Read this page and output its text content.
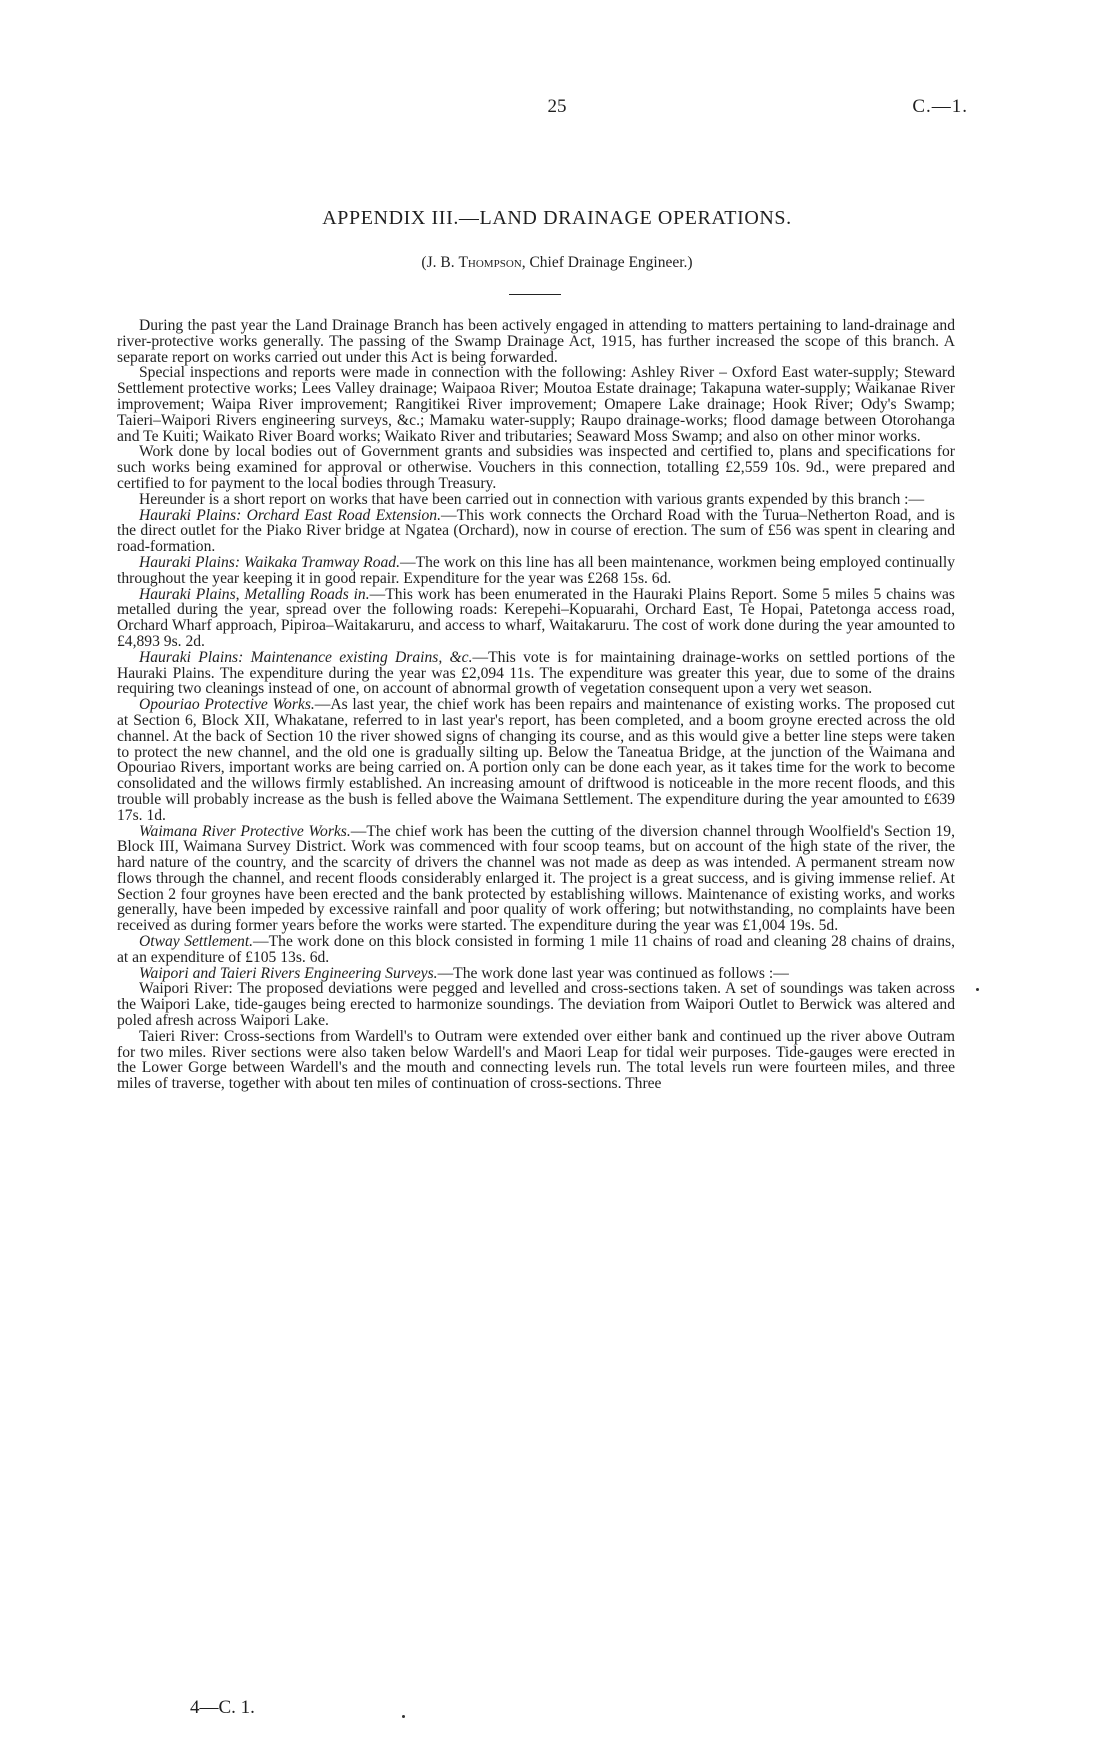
25	C.—1.
APPENDIX III.—LAND DRAINAGE OPERATIONS.
(J. B. Thompson, Chief Drainage Engineer.)

During the past year the Land Drainage Branch has been actively engaged in attending to matters pertaining to land-drainage and river-protective works generally. The passing of the Swamp Drainage Act, 1915, has further increased the scope of this branch. A separate report on works carried out under this Act is being forwarded.

Special inspections and reports were made in connection with the following: Ashley River – Oxford East water-supply; Steward Settlement protective works; Lees Valley drainage; Waipaoa River; Moutoa Estate drainage; Takapuna water-supply; Waikanae River improvement; Waipa River improvement; Rangitikei River improvement; Omapere Lake drainage; Hook River; Ody's Swamp; Taieri–Waipori Rivers engineering surveys, &c.; Mamaku water-supply; Raupo drainage-works; flood damage between Otorohanga and Te Kuiti; Waikato River Board works; Waikato River and tributaries; Seaward Moss Swamp; and also on other minor works.

Work done by local bodies out of Government grants and subsidies was inspected and certified to, plans and specifications for such works being examined for approval or otherwise. Vouchers in this connection, totalling £2,559 10s. 9d., were prepared and certified to for payment to the local bodies through Treasury.

Hereunder is a short report on works that have been carried out in connection with various grants expended by this branch :—

Hauraki Plains: Orchard East Road Extension.—This work connects the Orchard Road with the Turua–Netherton Road, and is the direct outlet for the Piako River bridge at Ngatea (Orchard), now in course of erection. The sum of £56 was spent in clearing and road-formation.

Hauraki Plains: Waikaka Tramway Road.—The work on this line has all been maintenance, workmen being employed continually throughout the year keeping it in good repair. Expenditure for the year was £268 15s. 6d.

Hauraki Plains, Metalling Roads in.—This work has been enumerated in the Hauraki Plains Report. Some 5 miles 5 chains was metalled during the year, spread over the following roads: Kerepehi–Kopuarahi, Orchard East, Te Hopai, Patetonga access road, Orchard Wharf approach, Pipiroa–Waitakaruru, and access to wharf, Waitakaruru. The cost of work done during the year amounted to £4,893 9s. 2d.

Hauraki Plains: Maintenance existing Drains, &c.—This vote is for maintaining drainage-works on settled portions of the Hauraki Plains. The expenditure during the year was £2,094 11s. The expenditure was greater this year, due to some of the drains requiring two cleanings instead of one, on account of abnormal growth of vegetation consequent upon a very wet season.

Opouriao Protective Works.—As last year, the chief work has been repairs and maintenance of existing works. The proposed cut at Section 6, Block XII, Whakatane, referred to in last year's report, has been completed, and a boom groyne erected across the old channel. At the back of Section 10 the river showed signs of changing its course, and as this would give a better line steps were taken to protect the new channel, and the old one is gradually silting up. Below the Taneatua Bridge, at the junction of the Waimana and Opouriao Rivers, important works are being carried on. A portion only can be done each year, as it takes time for the work to become consolidated and the willows firmly established. An increasing amount of driftwood is noticeable in the more recent floods, and this trouble will probably increase as the bush is felled above the Waimana Settlement. The expenditure during the year amounted to £639 17s. 1d.

Waimana River Protective Works.—The chief work has been the cutting of the diversion channel through Woolfield's Section 19, Block III, Waimana Survey District. Work was commenced with four scoop teams, but on account of the high state of the river, the hard nature of the country, and the scarcity of drivers the channel was not made as deep as was intended. A permanent stream now flows through the channel, and recent floods considerably enlarged it. The project is a great success, and is giving immense relief. At Section 2 four groynes have been erected and the bank protected by establishing willows. Maintenance of existing works, and works generally, have been impeded by excessive rainfall and poor quality of work offering; but notwithstanding, no complaints have been received as during former years before the works were started. The expenditure during the year was £1,004 19s. 5d.

Otway Settlement.—The work done on this block consisted in forming 1 mile 11 chains of road and cleaning 28 chains of drains, at an expenditure of £105 13s. 6d.

Waipori and Taieri Rivers Engineering Surveys.—The work done last year was continued as follows :—

Waipori River: The proposed deviations were pegged and levelled and cross-sections taken. A set of soundings was taken across the Waipori Lake, tide-gauges being erected to harmonize soundings. The deviation from Waipori Outlet to Berwick was altered and poled afresh across Waipori Lake.

Taieri River: Cross-sections from Wardell's to Outram were extended over either bank and continued up the river above Outram for two miles. River sections were also taken below Wardell's and Maori Leap for tidal weir purposes. Tide-gauges were erected in the Lower Gorge between Wardell's and the mouth and connecting levels run. The total levels run were fourteen miles, and three miles of traverse, together with about ten miles of continuation of cross-sections. Three

4—C. 1.
